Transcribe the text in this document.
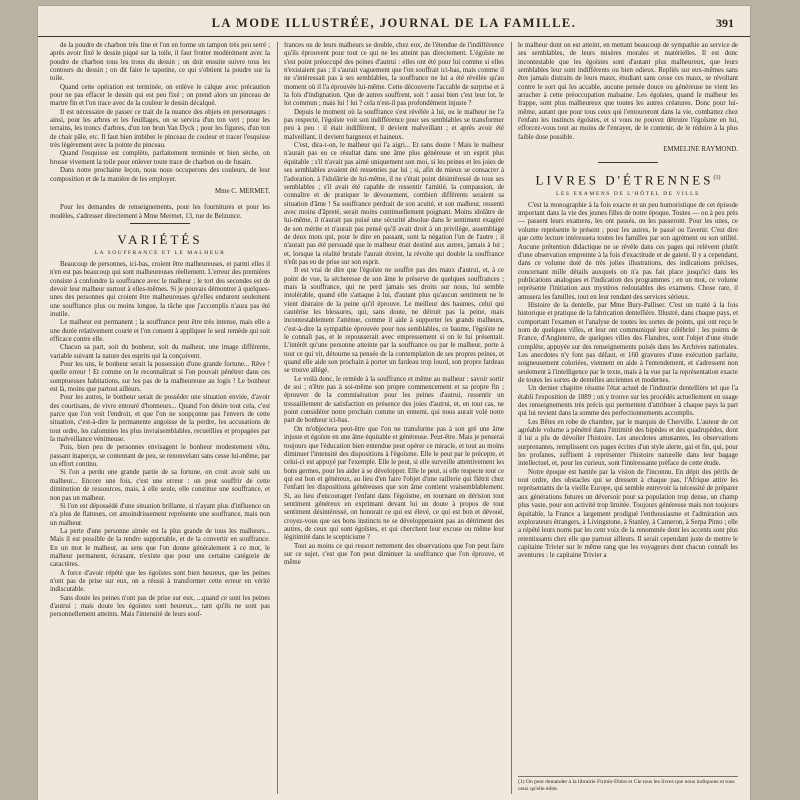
LA MODE ILLUSTRÉE, JOURNAL DE LA FAMILLE.	391

de la poudre de charbon très fine et l'on en forme un tampon très peu serré ; après avoir fixé le dessin piqué sur la toile, il faut frotter modérément avec la poudre de charbon tous les trous du dessin ; on doit ensuite suivre tous les contours du dessin ; on dit faire le tapotine, ce qui s'obtient la poudre sur la toile.

Quand cette opération est terminée, on enlève le calque avec précaution pour ne pas effacer le dessin qui est peu fixé ; on prend alors un pinceau de martre fin et l'on trace avec de la couleur le dessin décalqué.

Il est nécessaire de passer ce trait de la nuance des objets en personnages : ainsi, pour les arbres et les feuillages, on se servira d'un ton vert ; pour les terrains, les troncs d'arbres, d'un ton brun Van Dyck ; pour les figures, d'un ton de chair pâle, etc. Il faut bien imbiber le pinceau de couleur et tracer l'esquisse très légèrement avec la pointe du pinceau.

Quand l'esquisse est complète, parfaitement terminée et bien sèche, on brosse vivement la toile pour enlever toute trace de charbon ou de fusain.

Dans notre prochaine leçon, nous nous occuperons des couleurs, de leur composition et de la manière de les employer.

Mme C. MERMET.

Pour les demandes de renseignements, pour les fournitures et pour les modèles, s'adresser directement à Mme Mermet, 13, rue de Belzunce.

VARIÉTÉS
LA SOUFFRANCE ET LE MALHEUR

Beaucoup de personnes, ici-bas, croient être malheureuses, et parmi elles il n'en est pas beaucoup qui sont malheureuses réellement. L'erreur des premières consiste à confondre la souffrance avec le malheur ; le tort des secondes est de devoir leur malheur surtout à elles-mêmes. Si je pouvais démontrer à quelques-unes des personnes qui croient être malheureuses qu'elles endurent seulement une souffrance plus ou moins longue, la tâche que j'accomplis n'aura pas été inutile.

Le malheur est permanent ; la souffrance peut être très intense, mais elle a une durée relativement courte et l'on consent à appliquer le seul remède qui soit efficace contre elle.

Chacun sa part, soit du bonheur, soit du malheur, une image différente, variable suivant la nature des esprits qui la conçoivent.

Pour les uns, le bonheur serait la possession d'une grande fortune... Rêve ! quelle erreur ! Et comme on le reconnaîtrait si l'on pouvait pénétrer dans ces somptueuses habitations, sur les pas de la malheureuse au logis ! Le bonheur est là, moins que partout ailleurs.

Pour les autres, le bonheur serait de posséder une situation enviée, d'avoir des courtisans, de vivre entouré d'honneurs... Quand l'on désire tout cela, c'est parce que l'on voit l'endroit, et que l'on ne soupçonne pas l'envers de cette situation, c'est-à-dire la permanente angoisse de la perdre, les accusations de tout ordre, les calomnies les plus invraisemblables, recueillies et propagées par la malveillance vénimeuse.

Puis, bien peu de personnes envisagent le bonheur modestement vêtu, passant inaperçu, se contentant de peu, se renouvelant sans cesse lui-même, par un effort continu.

Si l'on a perdu une grande partie de sa fortune, on croit avoir subi un malheur... Encore une fois, c'est une erreur : on peut souffrir de cette diminution de ressources, mais, à elle seule, elle constitue une souffrance, et non pas un malheur.

Si l'on est dépossédé d'une situation brillante, si n'ayant plus d'influence on n'a plus de flatteurs, cet amoindrissement représente une souffrance, mais non un malheur.

La perte d'une personne aimée est la plus grande de tous les malheurs... Mais il est possible de la rendre supportable, et de la convertir en souffrance. En un mot le malheur, au sens que l'on donne généralement à ce mot, le malheur permanent, écrasant, n'existe que pour une certaine catégorie de caractères.

A force d'avoir répété que les égoïstes sont bien heureux, que les peines n'ont pas de prise sur eux, on a réussi à transformer cette erreur en vérité indiscutable.

Sans doute les peines n'ont pas de prise sur eux, ...quand ce sont les peines d'autrui ; mais doute les égoïstes sont heureux... tant qu'ils ne sont pas personnellement atteints. Mais l'intensité de leurs souf-

frances ou de leurs malheurs se double, chez eux, de l'étendue de l'indifférence qu'ils éprouvent pour tout ce qui ne les atteint pas directement. L'égoïste ne s'est point préoccupé des peines d'autrui : elles ont été pour lui comme si elles n'existaient pas ; il s'aurait vaguement que l'on souffrait ici-bas, mais comme il ne s'intéressait pas à ses semblables, la souffrance ne lui a été révélée qu'au moment où il l'a éprouvée lui-même. Cette découverte l'accable de surprise et à la fois d'indignation. Que de autres souffrent, soit ! aussi bien c'est leur lot, le lot commun ; mais lui ! lui ? cela n'est-il pas profondément injuste ?

Depuis le moment où la souffrance s'est révélée à lui, ou le malheur ne l'a pas respecté, l'égoïste voit son indifférence pour ses semblables se transformer peu à peu : il était indifférent, il devient malveillant ; et après avoir été malveillant, il devient hargneux et haineux.

C'est, dira-t-on, le malheur qui l'a aigri... Et sans doute ! Mais le malheur n'aurait pas eu ce résultat dans une âme plus généreuse et un esprit plus équitable ; s'il n'avait pas aimé uniquement son moi, si les peines et les joies de ses semblables avaient été ressenties par lui ; si, afin de mieux se consacrer à l'adoration, à l'idolâtrie de lui-même, il ne s'était point désintéressé de tous ses semblables ; s'il avait été capable de ressentir l'amitié, la compassion, de connaître et de pratiquer le dévouement, combien différents seraient sa situation d'âme ! Sa souffrance perdrait de son acuité, et son malheur, ressenti avec moins d'âpreté, serait moins continuellement poignant. Moins idolâtre de lui-même, il n'aurait pas puisé une sécurité absolue dans le sentiment exagéré de son mérite et n'aurait pas pensé qu'il avait droit à un privilège, assemblage de deux mots qui, pour le dire en passant, sont la négation l'un de l'autre ; il n'aurait pas été persuadé que le malheur était destiné aux autres, jamais à lui ; et, lorsque la réalité brutale l'aurait étreint, la révolte qui double la souffrance n'eût pas eu de prise sur son esprit.

Il est vrai de dire que l'égoïste ne souffre pas des maux d'autrui, et, à ce point de vue, la sécheresse de son âme le préserve de quelques souffrances ; mais la souffrance, qui ne perd jamais ses droits sur nous, lui semble intolérable, quand elle s'attaque à lui, d'autant plus qu'aucun sentiment ne le vient distraire de la peine qu'il éprouve. Le meilleur des baumes, celui qui cautérise les blessures, qui, sans doute, ne détruit pas la peine, mais incontestablement l'atténue, comme il aide à supporter les grands malheurs, c'est-à-dire la sympathie éprouvée pour nos semblables, ce baume, l'égoïste ne le connaît pas, et le repousserait avec empressement si on le lui présentait. L'intérêt qu'une personne atteinte par la souffrance ou par le malheur, porte à tout ce qui vit, détourne sa pensée de la contemplation de ses propres peines, et quand elle aide son prochain à porter un fardeau trop lourd, son propre fardeau se trouve allégé.

Le voilà donc, le remède à la souffrance et même au malheur : savoir sortir de soi ; n'être pas à soi-même son propre commencement et sa propre fin ; éprouver de la commisération pour les peines d'autrui, ressentir un tressaillement de satisfaction en présence des joies d'autrui, et, en tout cas, ne point considérer notre prochain comme un ennemi, qui nous aurait volé notre part de bonheur ici-bas.

On m'objectera peut-être que l'on ne transforme pas à son gré une âme injuste et égoïste en une âme équitable et généreuse. Peut-être. Mais je penserai toujours que l'éducation bien entendue peut opérer ce miracle, et tout au moins diminuer l'intensité des dispositions à l'égoïsme. Elle le peut par le précepte, et celui-ci est appuyé par l'exemple. Elle le peut, si elle surveille attentivement les bons germes, pour les aider à se développer. Elle le peut, si elle respecte tout ce qui est bon et généreux, au lieu d'en faire l'objet d'une raillerie qui flétrit chez l'enfant les dispositions généreuses que son âme contient vraisemblablement. Si, au lieu d'encourager l'enfant dans l'égoïsme, en tournant en dérision tout sentiment généreux en exprimant devant lui un doute à propos de tout sentiment désintéressé, on honorait ce qui est élevé, ce qui est bon et dévoué, croyez-vous que ses bons instincts ne se développeraient pas au détriment des autres, de ceux qui sont égoïstes, et qui cherchent leur excuse ou même leur légitimité dans le scepticisme ?

Tout au moins ce qui ressort nettement des observations que l'on peut faire sur ce sujet, c'est que l'on peut diminuer la souffrance que l'on éprouve, et même

le malheur dont on est atteint, en mettant beaucoup de sympathie au service de ses semblables, de leurs misères morales et matérielles. Il est donc incontestable que les égoïstes sont d'autant plus malheureux, que leurs semblables leur sont indifférents ou bien odieux. Repliés sur eux-mêmes sans être jamais distraits de leurs maux, étudiant sans cesse ces maux, se révoltant contre le sort qui les accable, aucune pensée douce ou généreuse ne vient les arracher à cette préoccupation malsaine. Les égoïstes, quand le malheur les frappe, sont plus malheureux que toutes les autres créatures. Donc pour lui-même, autant que pour tous ceux qui l'entoureront dans la vie, combattez chez l'enfant les instincts égoïstes, et si vous ne pouvez détruire l'égoïsme en lui, efforcez-vous tout au moins de l'enrayer, de le contenir, de le réduire à la plus faible dose possible.

EMMELINE RAYMOND.

LIVRES D'ÉTRENNES$^{(1)}$
LES EXAMENS DE L'HÔTEL DE VILLE

C'est la monographie à la fois exacte et un peu humoristique de cet épisode important dans la vie des jeunes filles de notre époque. Toutes — ou à peu près — passent leurs examens, les ont passés, ou les passeront. Pour les unes, ce volume représente le présent ; pour les autres, le passé ou l'avenir. C'est dire que cette lecture intéressera toutes les familles par son agrément ou son utilité. Aucune prétention didactique ne se révèle dans ces pages qui relèvent plutôt d'une observation empreinte à la fois d'exactitude et de gaieté. Il y a cependant, dans ce volume doté de très jolies illustrations, des indications précises, concernant mille détails auxquels on n'a pas fait place jusqu'ici dans les publications analogues et l'indication des programmes ; en un mot, ce volume représente l'initiation aux mystères redoutables des examens. Chose rare, il amusera les familles, tout en leur rendant des services sérieux.

Histoire de la dentelle, par Mme Bury-Palliser. C'est un traité à la fois historique et pratique de la fabrication dentellière. Illustré, dans chaque pays, et comportant l'examen et l'analyse de toutes les sortes de points, qui ont reçu le nom de quelques villes, et leur ont communiqué leur célébrité : les points de France, d'Angleterre, de quelques villes des Flandres, sont l'objet d'une étude complète, appuyée sur des renseignements puisés dans les Archives nationales. Les anecdotes n'y font pas défaut, et 160 gravures d'une exécution parfaite, soigneusement coloriées, viennent en aide à l'entendement, et s'adressent non seulement à l'intelligence par le texte, mais à la vue par la représentation exacte de toutes les sortes de dentelles anciennes et modernes.

Un dernier chapitre résume l'état actuel de l'industrie dentellière tel que l'a établi l'exposition de 1889 ; on y trouve sur les procédés actuellement en usage des renseignements très précis qui permettent d'attribuer à chaque pays la part qui lui revient dans la somme des perfectionnements accomplis.

Les Bêtes en robe de chambre, par le marquis de Cherville. L'auteur de cet agréable volume a pénétré dans l'intimité des bipèdes et des quadrupèdes, dont il lui a plu de dévoiler l'histoire. Les anecdotes amusantes, les observations surprenantes, remplissent ces pages écrites d'un style alerte, gai et fin, qui, pour les profanes, suffisent à représenter l'histoire naturelle dans leur bagage intellectuel, et, pour les curieux, sont l'intéressante préface de cette étude.

Notre époque est hantée par la vision de l'inconnu. En dépit des périls de tout ordre, des obstacles qui se dressent à chaque pas, l'Afrique attire les représentants de la vieille Europe, qui semble entrevoir la nécessité de préparer aux générations futures un déversoir pour sa population trop dense, un champ plus vaste, pour son activité trop limitée. Toujours généreuse mais non toujours équitable, la France a largement prodigué l'enthousiasme et l'admiration aux explorateurs étrangers, à Livingstone, à Stanley, à Cameron, à Serpa Pinto ; elle a répété leurs noms par les cent voix de la renommée dont les accents sont plus retentissants chez elle que partout ailleurs. Il serait cependant juste de mettre le capitaine Trivier sur le même rang que les voyageurs dont chacun connaît les aventures : le capitaine Trivier a

(1) On peut demander à la librairie Firmin-Didot et Cie tous les livres que nous indiquons et tous ceux qu'elle édite.
